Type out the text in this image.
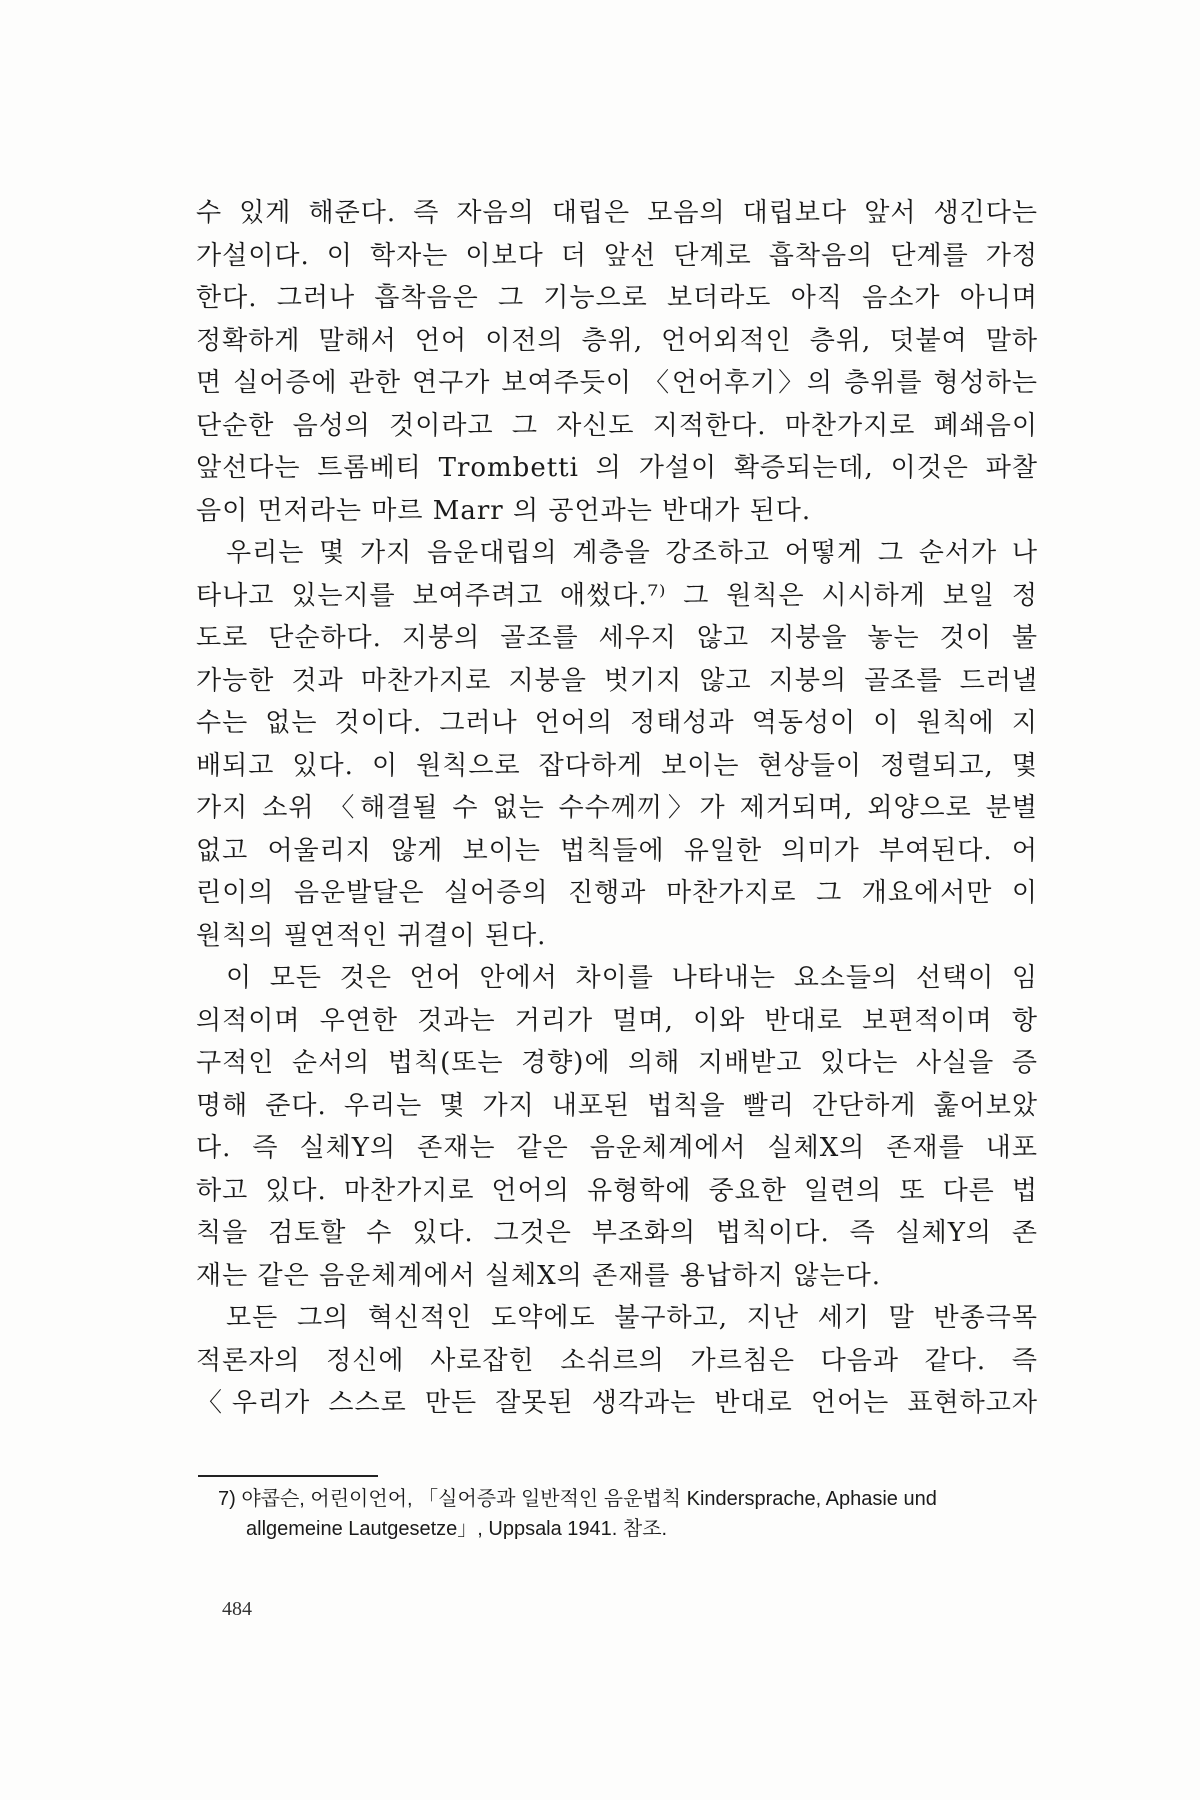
수 있게 해준다. 즉 자음의 대립은 모음의 대립보다 앞서 생긴다는
가설이다. 이 학자는 이보다 더 앞선 단계로 흡착음의 단계를 가정
한다. 그러나 흡착음은 그 기능으로 보더라도 아직 음소가 아니며
정확하게 말해서 언어 이전의 층위, 언어외적인 층위, 덧붙여 말하
면 실어증에 관한 연구가 보여주듯이 〈언어후기〉의 층위를 형성하는
단순한 음성의 것이라고 그 자신도 지적한다. 마찬가지로 폐쇄음이
앞선다는 트롬베티 Trombetti 의 가설이 확증되는데, 이것은 파찰
음이 먼저라는 마르 Marr 의 공언과는 반대가 된다.
우리는 몇 가지 음운대립의 계층을 강조하고 어떻게 그 순서가 나
타나고 있는지를 보여주려고 애썼다.⁷⁾ 그 원칙은 시시하게 보일 정
도로 단순하다. 지붕의 골조를 세우지 않고 지붕을 놓는 것이 불
가능한 것과 마찬가지로 지붕을 벗기지 않고 지붕의 골조를 드러낼
수는 없는 것이다. 그러나 언어의 정태성과 역동성이 이 원칙에 지
배되고 있다. 이 원칙으로 잡다하게 보이는 현상들이 정렬되고, 몇
가지 소위 〈해결될 수 없는 수수께끼〉가 제거되며, 외양으로 분별
없고 어울리지 않게 보이는 법칙들에 유일한 의미가 부여된다. 어
린이의 음운발달은 실어증의 진행과 마찬가지로 그 개요에서만 이
원칙의 필연적인 귀결이 된다.
이 모든 것은 언어 안에서 차이를 나타내는 요소들의 선택이 임
의적이며 우연한 것과는 거리가 멀며, 이와 반대로 보편적이며 항
구적인 순서의 법칙(또는 경향)에 의해 지배받고 있다는 사실을 증
명해 준다. 우리는 몇 가지 내포된 법칙을 빨리 간단하게 훑어보았
다. 즉 실체Y의 존재는 같은 음운체계에서 실체X의 존재를 내포
하고 있다. 마찬가지로 언어의 유형학에 중요한 일련의 또 다른 법
칙을 검토할 수 있다. 그것은 부조화의 법칙이다. 즉 실체Y의 존
재는 같은 음운체계에서 실체X의 존재를 용납하지 않는다.
모든 그의 혁신적인 도약에도 불구하고, 지난 세기 말 반종극목
적론자의 정신에 사로잡힌 소쉬르의 가르침은 다음과 같다. 즉
〈우리가 스스로 만든 잘못된 생각과는 반대로 언어는 표현하고자
7) 야콥슨, 어린이언어, 「실어증과 일반적인 음운법칙 Kindersprache, Aphasie und
allgemeine Lautgesetze」, Uppsala 1941. 참조.
484
